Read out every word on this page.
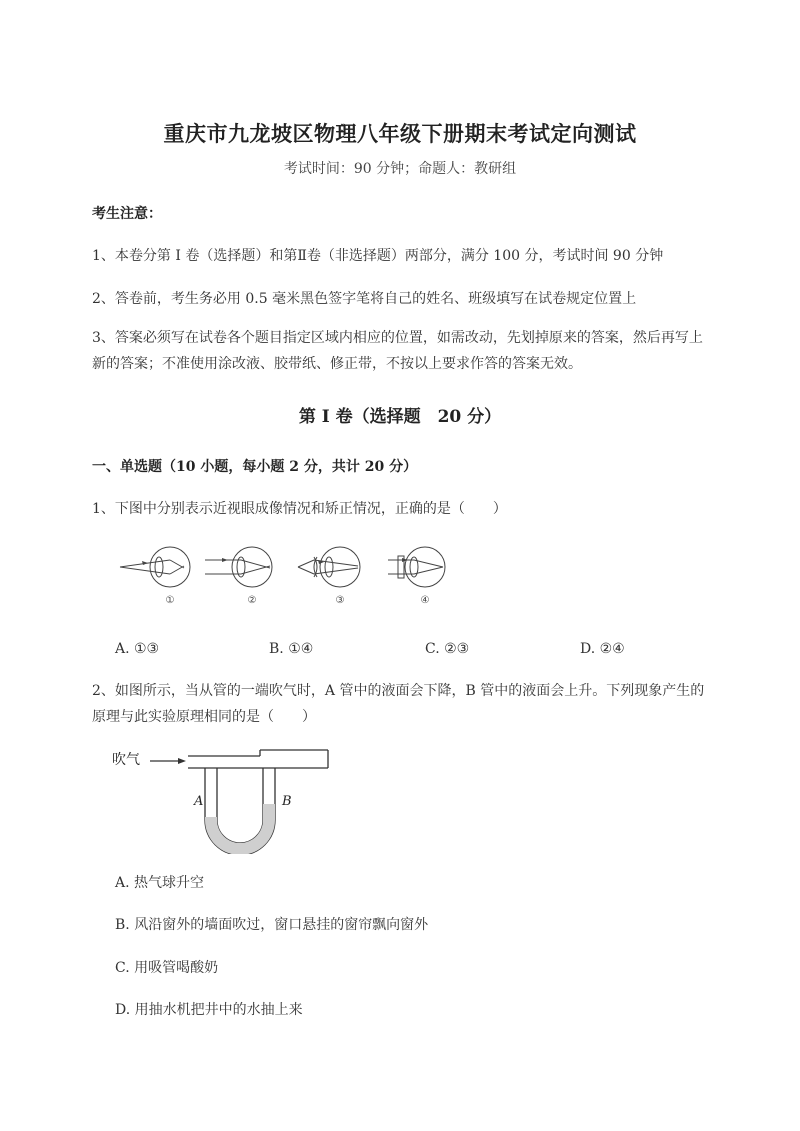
重庆市九龙坡区物理八年级下册期末考试定向测试
考试时间：90 分钟；命题人：教研组
考生注意：
1、本卷分第 I 卷（选择题）和第Ⅱ卷（非选择题）两部分，满分 100 分，考试时间 90 分钟
2、答卷前，考生务必用 0.5 毫米黑色签字笔将自己的姓名、班级填写在试卷规定位置上
3、答案必须写在试卷各个题目指定区域内相应的位置，如需改动，先划掉原来的答案，然后再写上新的答案；不准使用涂改液、胶带纸、修正带，不按以上要求作答的答案无效。
第 I 卷（选择题　20 分）
一、单选题（10 小题，每小题 2 分，共计 20 分）
1、下图中分别表示近视眼成像情况和矫正情况，正确的是（　　）
①	②	③	④
A. ①③	B. ①④	C. ②③	D. ②④
2、如图所示，当从管的一端吹气时，A 管中的液面会下降，B 管中的液面会上升。下列现象产生的原理与此实验原理相同的是（　　）
吹气
A	B
A. 热气球升空
B. 风沿窗外的墙面吹过，窗口悬挂的窗帘飘向窗外
C. 用吸管喝酸奶
D. 用抽水机把井中的水抽上来
